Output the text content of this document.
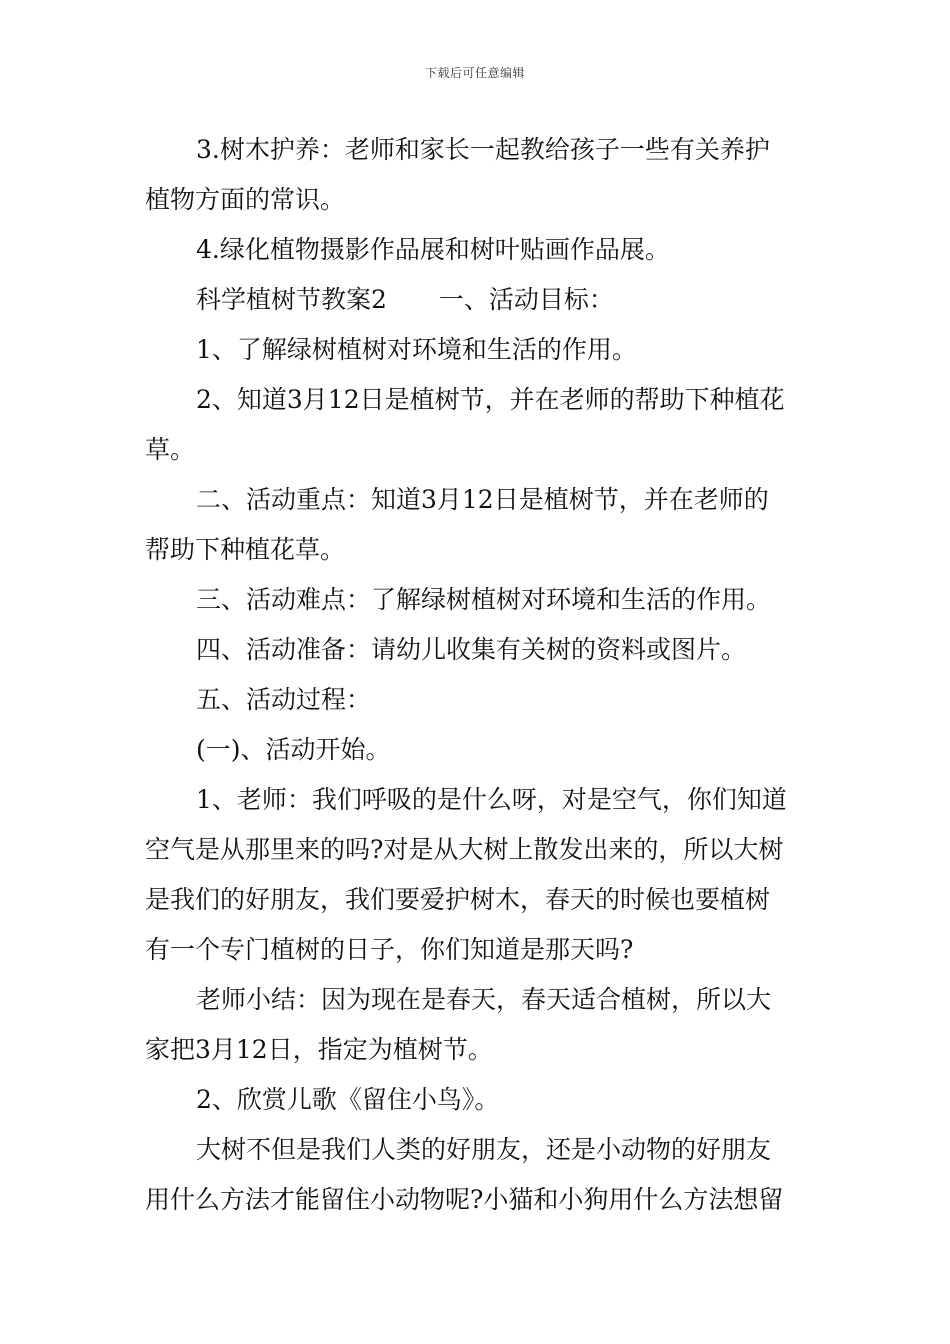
下载后可任意编辑
3.树木护养：老师和家长一起教给孩子一些有关养护
植物方面的常识。
4.绿化植物摄影作品展和树叶贴画作品展。
科学植树节教案2 一、活动目标：
1、了解绿树植树对环境和生活的作用。
2、知道3月12日是植树节，并在老师的帮助下种植花
草。
二、活动重点：知道3月12日是植树节，并在老师的
帮助下种植花草。
三、活动难点：了解绿树植树对环境和生活的作用。
四、活动准备：请幼儿收集有关树的资料或图片。
五、活动过程：
(一)、活动开始。
1、老师：我们呼吸的是什么呀，对是空气，你们知道
空气是从那里来的吗?对是从大树上散发出来的，所以大树
是我们的好朋友，我们要爱护树木，春天的时候也要植树
有一个专门植树的日子，你们知道是那天吗?
老师小结：因为现在是春天，春天适合植树，所以大
家把3月12日，指定为植树节。
2、欣赏儿歌《留住小鸟》。
大树不但是我们人类的好朋友，还是小动物的好朋友
用什么方法才能留住小动物呢?小猫和小狗用什么方法想留
